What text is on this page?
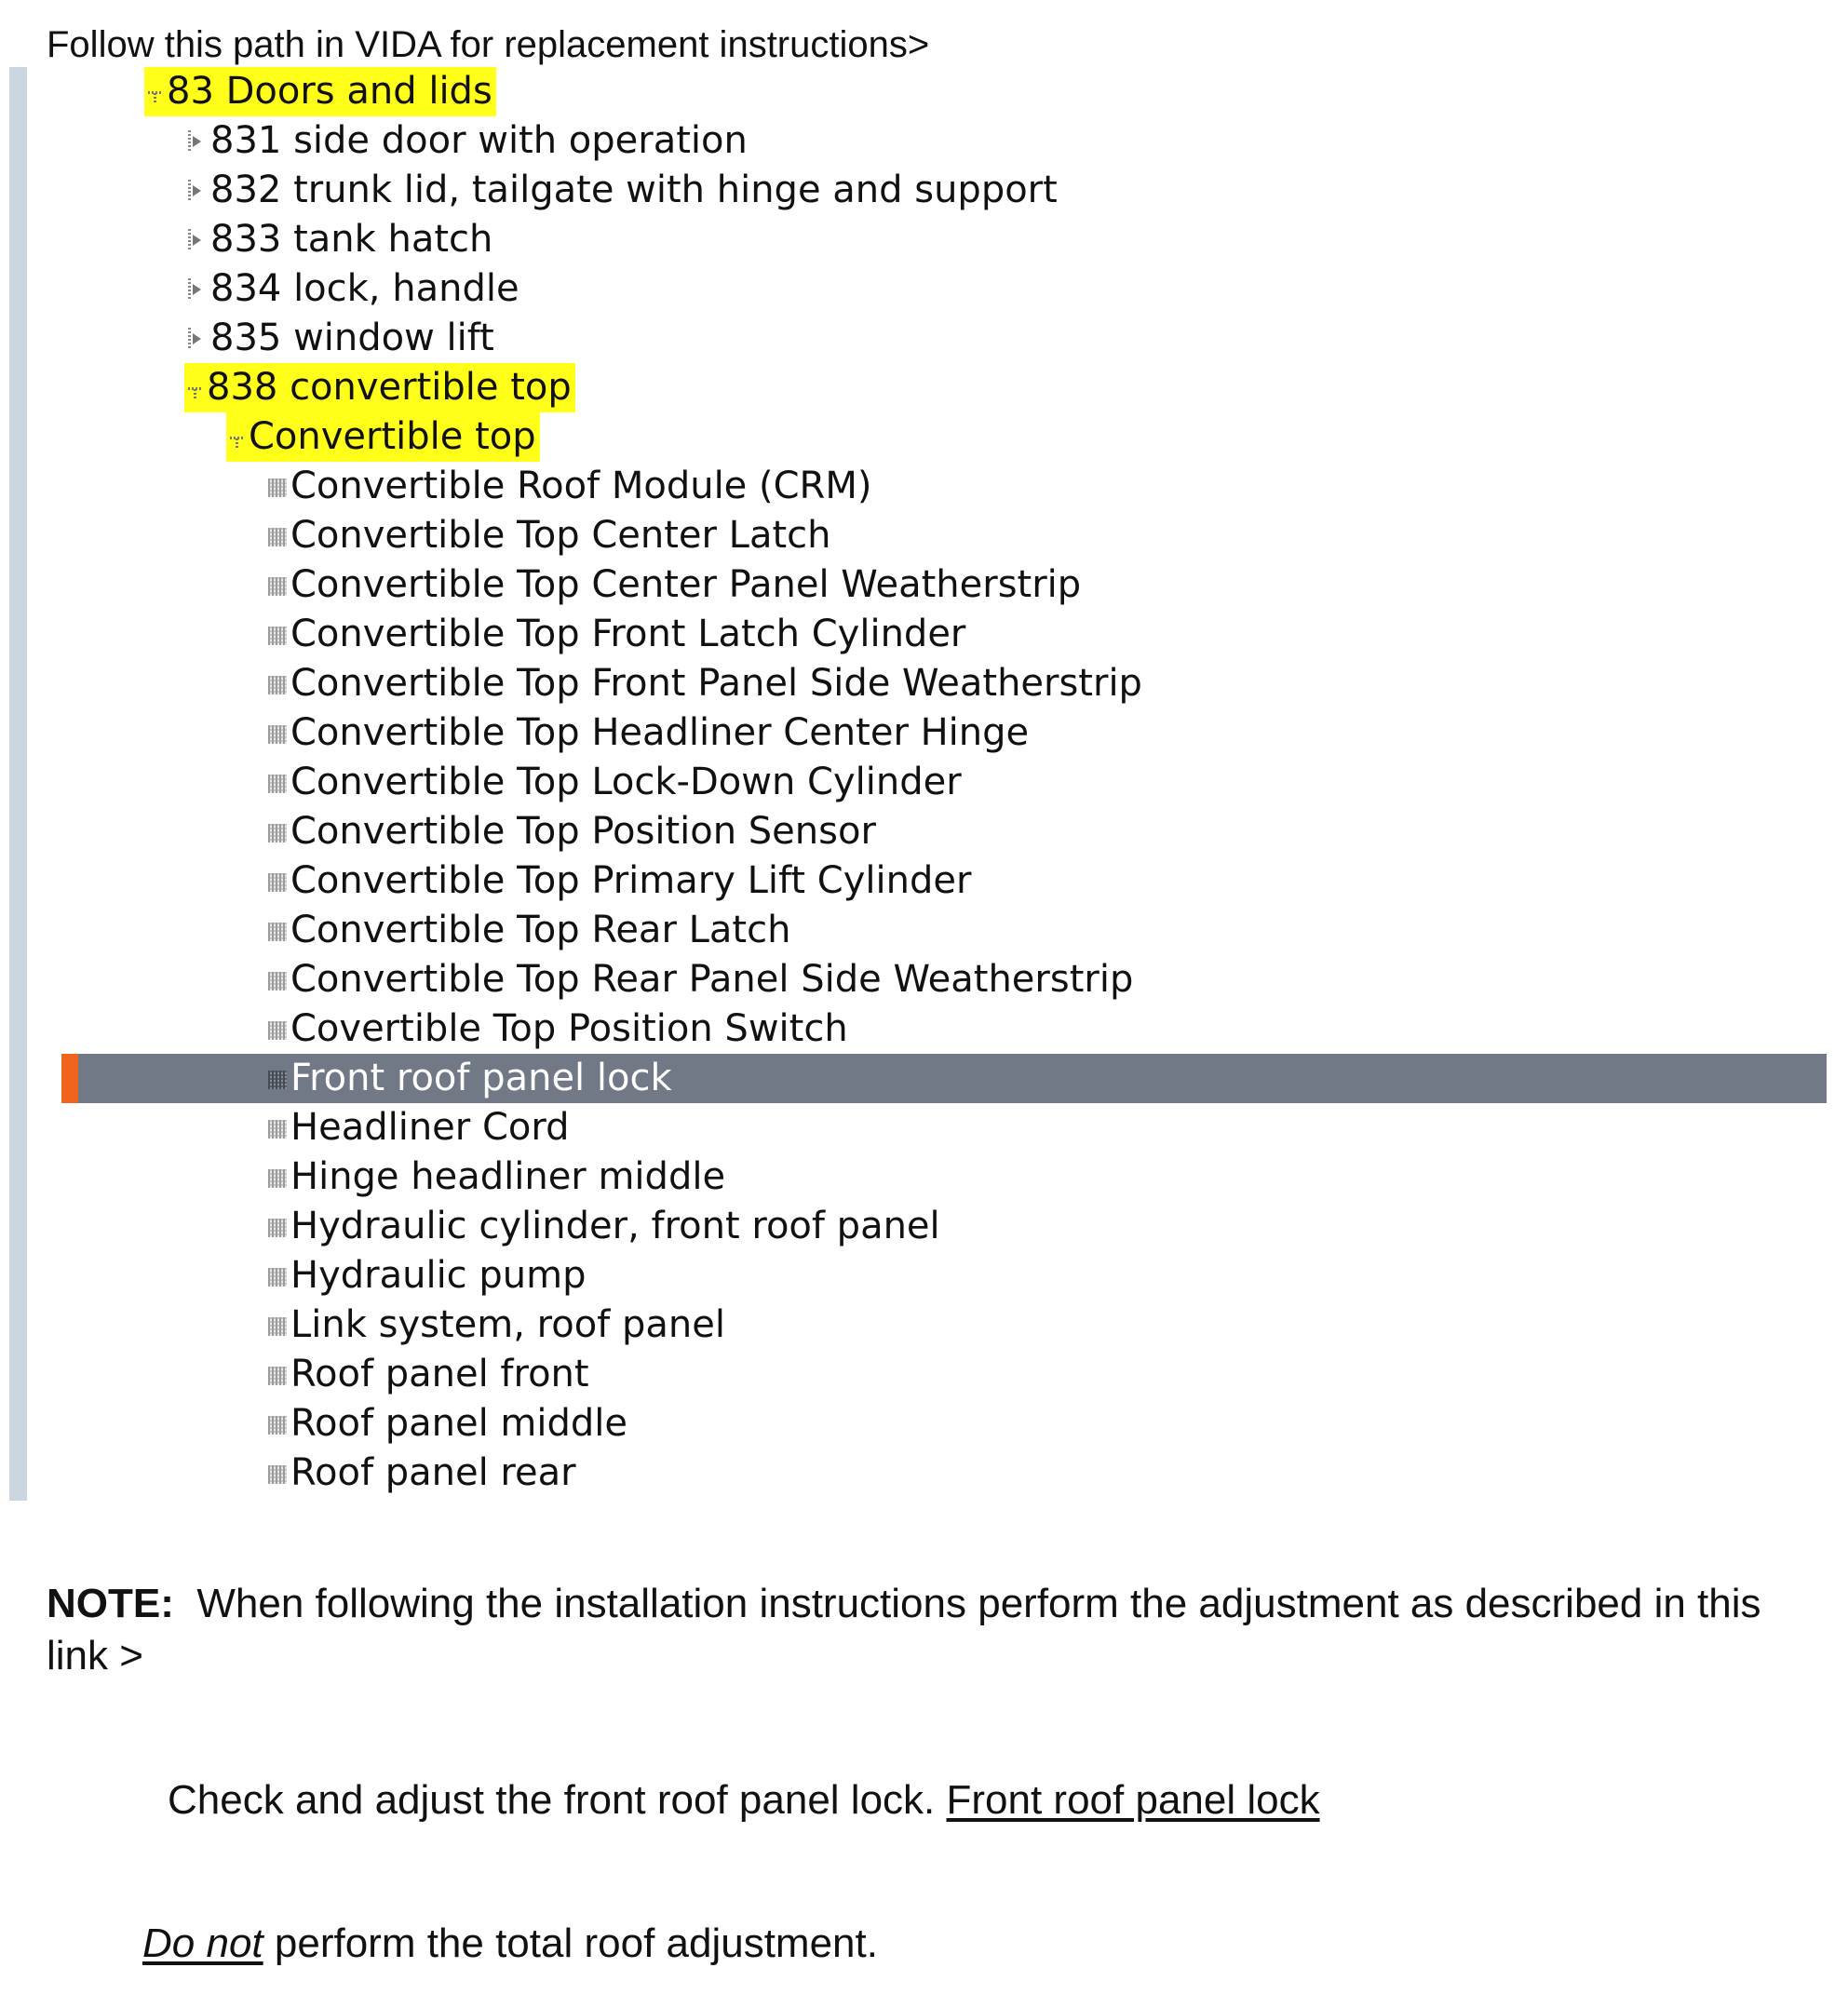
Follow this path in VIDA for replacement instructions>
83 Doors and lids
831 side door with operation
832 trunk lid, tailgate with hinge and support
833 tank hatch
834 lock, handle
835 window lift
838 convertible top
Convertible top
Convertible Roof Module (CRM)
Convertible Top Center Latch
Convertible Top Center Panel Weatherstrip
Convertible Top Front Latch Cylinder
Convertible Top Front Panel Side Weatherstrip
Convertible Top Headliner Center Hinge
Convertible Top Lock-Down Cylinder
Convertible Top Position Sensor
Convertible Top Primary Lift Cylinder
Convertible Top Rear Latch
Convertible Top Rear Panel Side Weatherstrip
Covertible Top Position Switch
Front roof panel lock
Headliner Cord
Hinge headliner middle
Hydraulic cylinder, front roof panel
Hydraulic pump
Link system, roof panel
Roof panel front
Roof panel middle
Roof panel rear
NOTE: When following the installation instructions perform the adjustment as described in this link >
Check and adjust the front roof panel lock. Front roof panel lock
Do not perform the total roof adjustment.
